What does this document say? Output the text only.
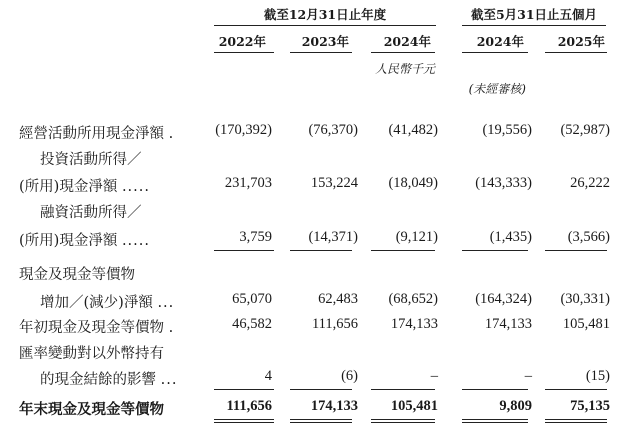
截至12月31日止年度	截至5月31日止五個月
2022年	2023年	2024年	2024年	2025年
人民幣千元
(未經審核)
經營活動所用現金淨額 .	(170,392)	(76,370)	(41,482)	(19,556)	(52,987)
投資活動所得／
(所用)現金淨額 .....	231,703	153,224	(18,049)	(143,333)	26,222
融資活動所得／
(所用)現金淨額 .....	3,759	(14,371)	(9,121)	(1,435)	(3,566)
現金及現金等價物
增加／(減少)淨額 ...	65,070	62,483	(68,652)	(164,324)	(30,331)
年初現金及現金等價物 .	46,582	111,656	174,133	174,133	105,481
匯率變動對以外幣持有
的現金結餘的影響 ...	4	(6)	–	–	(15)
年末現金及現金等價物	111,656	174,133	105,481	9,809	75,135
